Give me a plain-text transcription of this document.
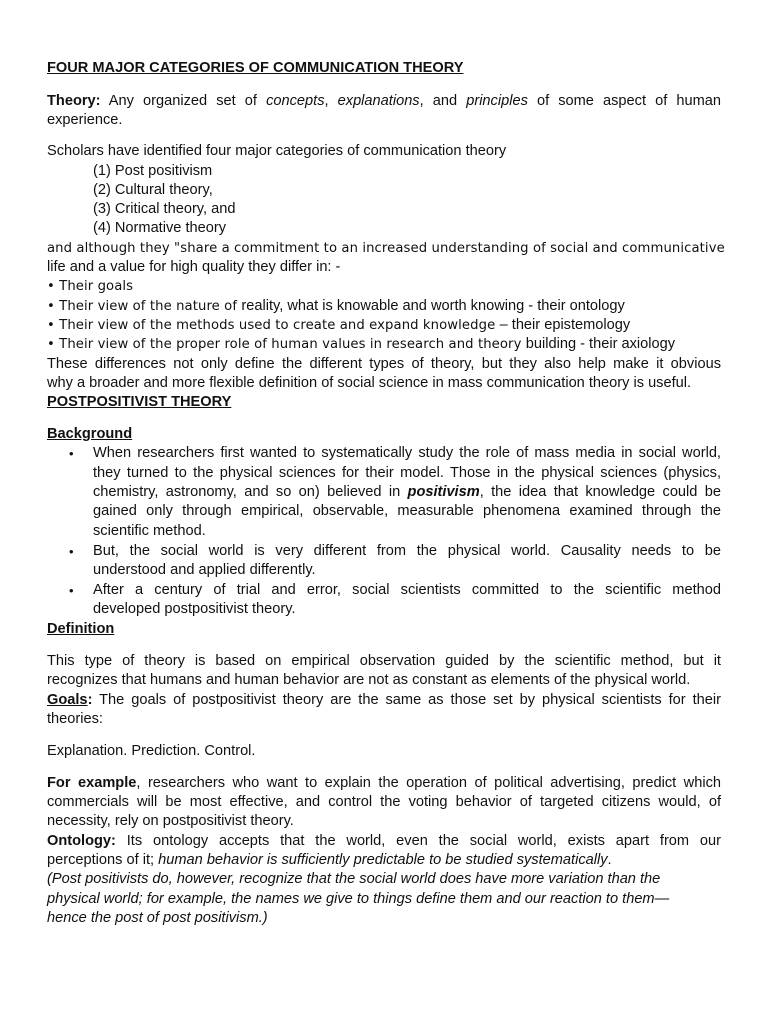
FOUR MAJOR CATEGORIES OF COMMUNICATION THEORY

Theory: Any organized set of concepts, explanations, and principles of some aspect of human

experience.

Scholars have identified four major categories of communication theory

(1) Post positivism

(2) Cultural theory,

(3) Critical theory, and

(4) Normative theory

and although they "share a commitment to an increased understanding of social and communicative

life and a value for high quality they differ in: -

• Their goals

• Their view of the nature of reality, what is knowable and worth knowing - their ontology

• Their view of the methods used to create and expand knowledge – their epistemology

• Their view of the proper role of human values in research and theory building - their axiology

These differences not only define the different types of theory, but they also help make it obvious

why a broader and more flexible definition of social science in mass communication theory is useful.

POSTPOSITIVIST THEORY

Background

• When researchers first wanted to systematically study the role of mass media in social world,

they turned to the physical sciences for their model. Those in the physical sciences (physics,

chemistry, astronomy, and so on) believed in positivism, the idea that knowledge could be

gained only through empirical, observable, measurable phenomena examined through the

scientific method.

• But, the social world is very different from the physical world. Causality needs to be

understood and applied differently.

• After a century of trial and error, social scientists committed to the scientific method

developed postpositivist theory.

Definition

This type of theory is based on empirical observation guided by the scientific method, but it

recognizes that humans and human behavior are not as constant as elements of the physical world.

Goals: The goals of postpositivist theory are the same as those set by physical scientists for their

theories:

Explanation. Prediction. Control.

For example, researchers who want to explain the operation of political advertising, predict which

commercials will be most effective, and control the voting behavior of targeted citizens would, of

necessity, rely on postpositivist theory.

Ontology: Its ontology accepts that the world, even the social world, exists apart from our

perceptions of it; human behavior is sufficiently predictable to be studied systematically.

(Post positivists do, however, recognize that the social world does have more variation than the

physical world; for example, the names we give to things define them and our reaction to them—

hence the post of post positivism.)
